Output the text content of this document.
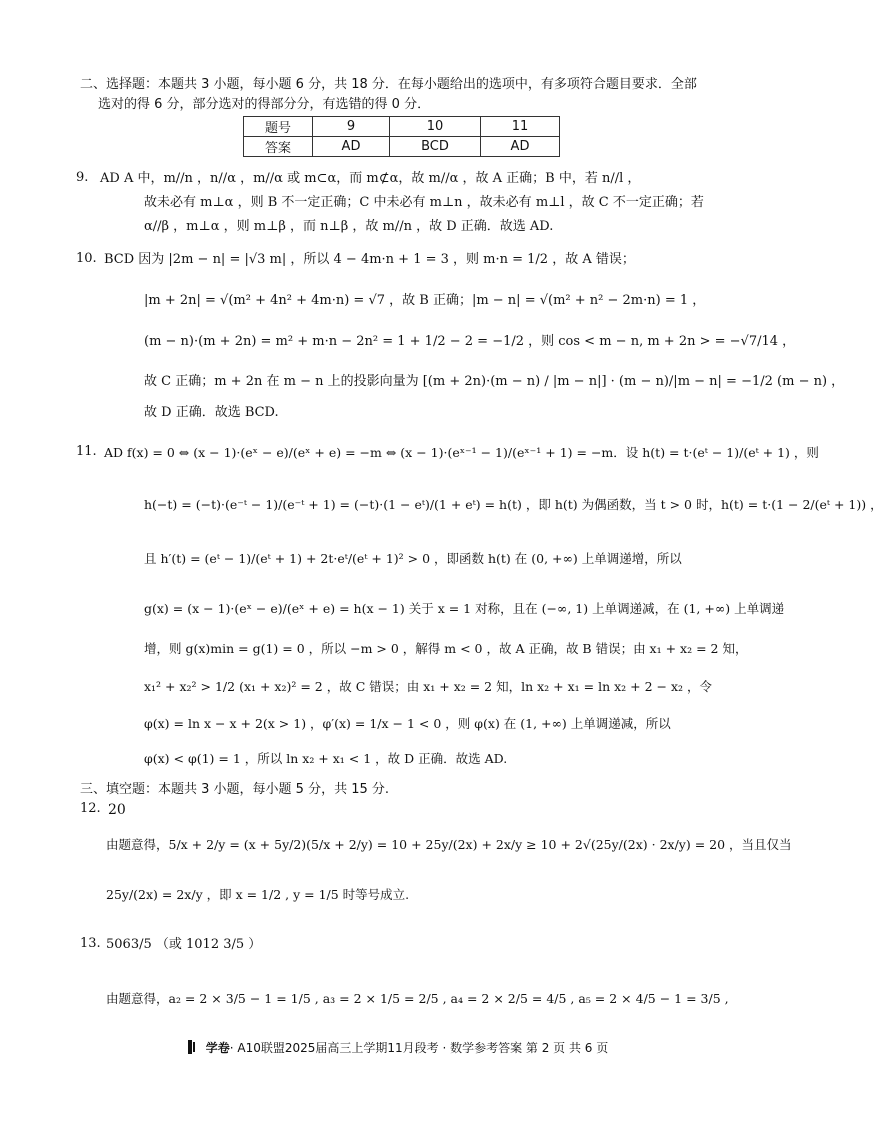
二、选择题：本题共 3 小题，每小题 6 分，共 18 分．在每小题给出的选项中，有多项符合题目要求．全部
选对的得 6 分，部分选对的得部分分，有选错的得 0 分．
题号	9	10	11
答案	AD	BCD	AD
9. AD A 中，m//n ，n//α ，m//α 或 m⊂α，而 m⊄α，故 m//α ，故 A 正确；B 中，若 n//l ，
故未必有 m⊥α ，则 B 不一定正确；C 中未必有 m⊥n ，故未必有 m⊥l ，故 C 不一定正确；若
α//β ，m⊥α ，则 m⊥β ，而 n⊥β ，故 m//n ，故 D 正确．故选 AD.
10. BCD 因为 |2m − n| = |√3 m| ，所以 4 − 4m·n + 1 = 3 ，则 m·n = 1/2 ，故 A 错误；
|m + 2n| = √(m² + 4n² + 4m·n) = √7 ，故 B 正确；|m − n| = √(m² + n² − 2m·n) = 1 ，
(m − n)·(m + 2n) = m² + m·n − 2n² = 1 + 1/2 − 2 = −1/2 ，则 cos < m − n, m + 2n > = −√7/14 ，
故 C 正确；m + 2n 在 m − n 上的投影向量为 [(m + 2n)·(m − n) / |m − n|] · (m − n)/|m − n| = −1/2 (m − n) ，
故 D 正确．故选 BCD.
11. AD f(x) = 0 ⇔ (x − 1)·(eˣ − e)/(eˣ + e) = −m ⇔ (x − 1)·(eˣ⁻¹ − 1)/(eˣ⁻¹ + 1) = −m．设 h(t) = t·(eᵗ − 1)/(eᵗ + 1) ，则
h(−t) = (−t)·(e⁻ᵗ − 1)/(e⁻ᵗ + 1) = (−t)·(1 − eᵗ)/(1 + eᵗ) = h(t) ，即 h(t) 为偶函数，当 t > 0 时，h(t) = t·(1 − 2/(eᵗ + 1)) ，
且 h′(t) = (eᵗ − 1)/(eᵗ + 1) + 2t·eᵗ/(eᵗ + 1)² > 0 ，即函数 h(t) 在 (0, +∞) 上单调递增，所以
g(x) = (x − 1)·(eˣ − e)/(eˣ + e) = h(x − 1) 关于 x = 1 对称，且在 (−∞, 1) 上单调递减，在 (1, +∞) 上单调递
增，则 g(x)min = g(1) = 0 ，所以 −m > 0 ，解得 m < 0 ，故 A 正确，故 B 错误；由 x₁ + x₂ = 2 知，
x₁² + x₂² > 1/2 (x₁ + x₂)² = 2 ，故 C 错误；由 x₁ + x₂ = 2 知，ln x₂ + x₁ = ln x₂ + 2 − x₂ ，令
φ(x) = ln x − x + 2(x > 1) ，φ′(x) = 1/x − 1 < 0 ，则 φ(x) 在 (1, +∞) 上单调递减，所以
φ(x) < φ(1) = 1 ，所以 ln x₂ + x₁ < 1 ，故 D 正确．故选 AD.
三、填空题：本题共 3 小题，每小题 5 分，共 15 分.
12. 20
由题意得，5/x + 2/y = (x + 5y/2)(5/x + 2/y) = 10 + 25y/(2x) + 2x/y ≥ 10 + 2√(25y/(2x) · 2x/y) = 20 ，当且仅当
25y/(2x) = 2x/y ，即 x = 1/2 , y = 1/5 时等号成立.
13. 5063/5 （或 1012 3/5 ）
由题意得，a₂ = 2 × 3/5 − 1 = 1/5 , a₃ = 2 × 1/5 = 2/5 , a₄ = 2 × 2/5 = 4/5 , a₅ = 2 × 4/5 − 1 = 3/5 ,
学卷· A10联盟2025届高三上学期11月段考 · 数学参考答案 第 2 页 共 6 页
